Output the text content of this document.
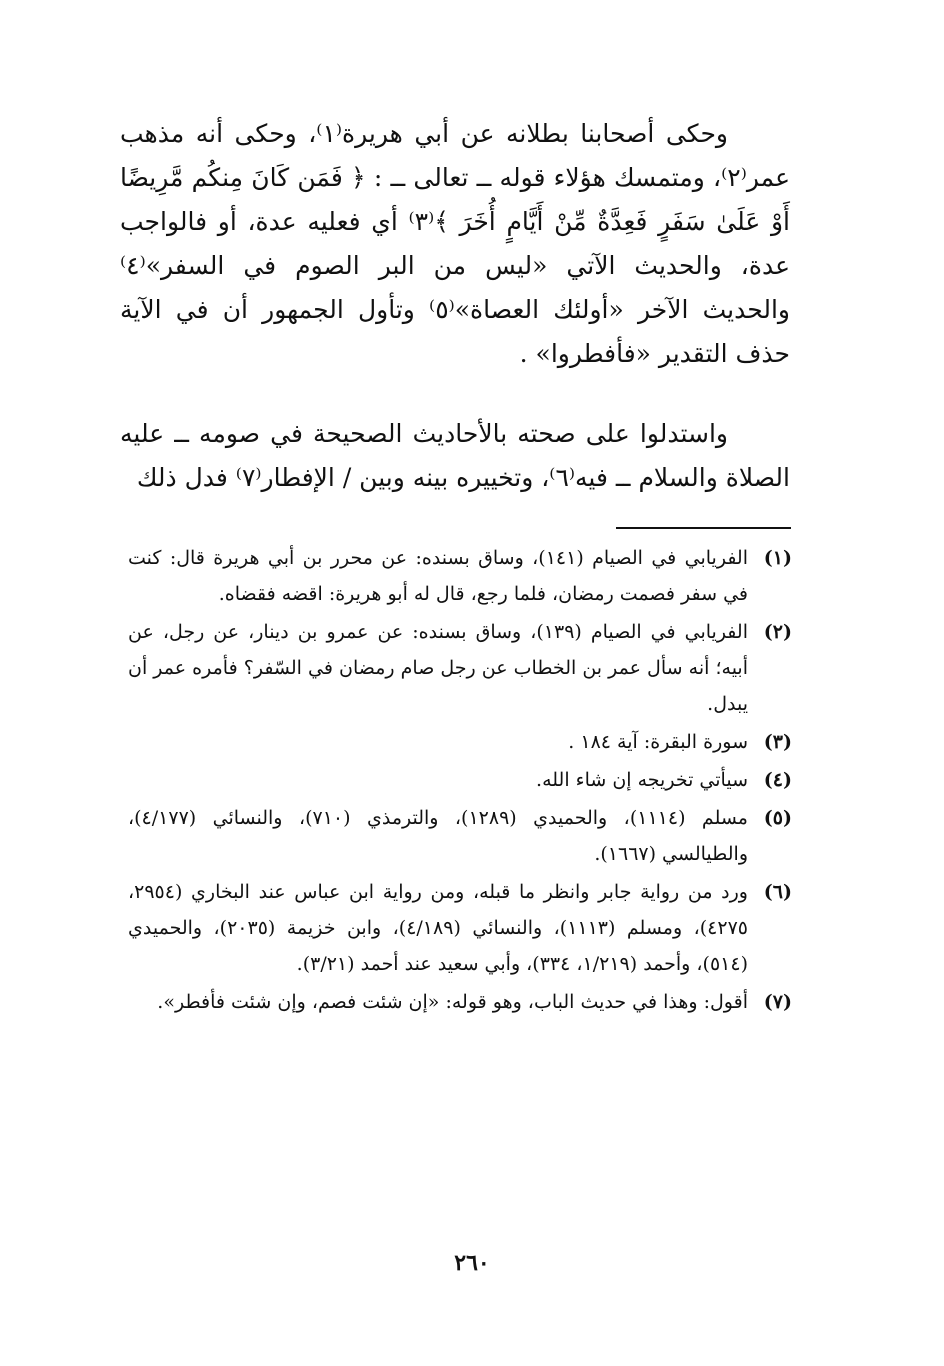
وحكى أصحابنا بطلانه عن أبي هريرة⁽١⁾، وحكى أنه مذهب عمر⁽٢⁾، ومتمسك هؤلاء قوله ــ تعالى ــ : ﴿ فَمَن كَانَ مِنكُم مَّرِيضًا أَوْ عَلَىٰ سَفَرٍ فَعِدَّةٌ مِّنْ أَيَّامٍ أُخَرَ ﴾⁽٣⁾ أي فعليه عدة، أو فالواجب عدة، والحديث الآتي «ليس من البر الصوم في السفر»⁽٤⁾ والحديث الآخر «أولئك العصاة»⁽٥⁾ وتأول الجمهور أن في الآية حذف التقدير «فأفطروا» .

واستدلوا على صحته بالأحاديث الصحيحة في صومه ــ عليه الصلاة والسلام ــ فيه⁽٦⁾، وتخييره بينه وبين / الإفطار⁽٧⁾ فدل ذلك

(١)
الفريابي في الصيام (١٤١)، وساق بسنده: عن محرر بن أبي هريرة قال: كنت في سفر فصمت رمضان، فلما رجع، قال له أبو هريرة: اقضه فقضاه.
(٢)
الفريابي في الصيام (١٣٩)، وساق بسنده: عن عمرو بن دينار، عن رجل، عن أبيه؛ أنه سأل عمر بن الخطاب عن رجل صام رمضان في السّفر؟ فأمره عمر أن يبدل.
(٣)
سورة البقرة: آية ١٨٤ .
(٤)
سيأتي تخريجه إن شاء الله.
(٥)
مسلم (١١١٤)، والحميدي (١٢٨٩)، والترمذي (٧١٠)، والنسائي (٤/١٧٧)، والطيالسي (١٦٦٧).
(٦)
ورد من رواية جابر وانظر ما قبله، ومن رواية ابن عباس عند البخاري (٢٩٥٤، ٤٢٧٥)، ومسلم (١١١٣)، والنسائي (٤/١٨٩)، وابن خزيمة (٢٠٣٥)، والحميدي (٥١٤)، وأحمد (١/٢١٩، ٣٣٤)، وأبي سعيد عند أحمد (٣/٢١).
(٧)
أقول: وهذا في حديث الباب، وهو قوله: «إن شئت فصم، وإن شئت فأفطر».
٢٦٠
